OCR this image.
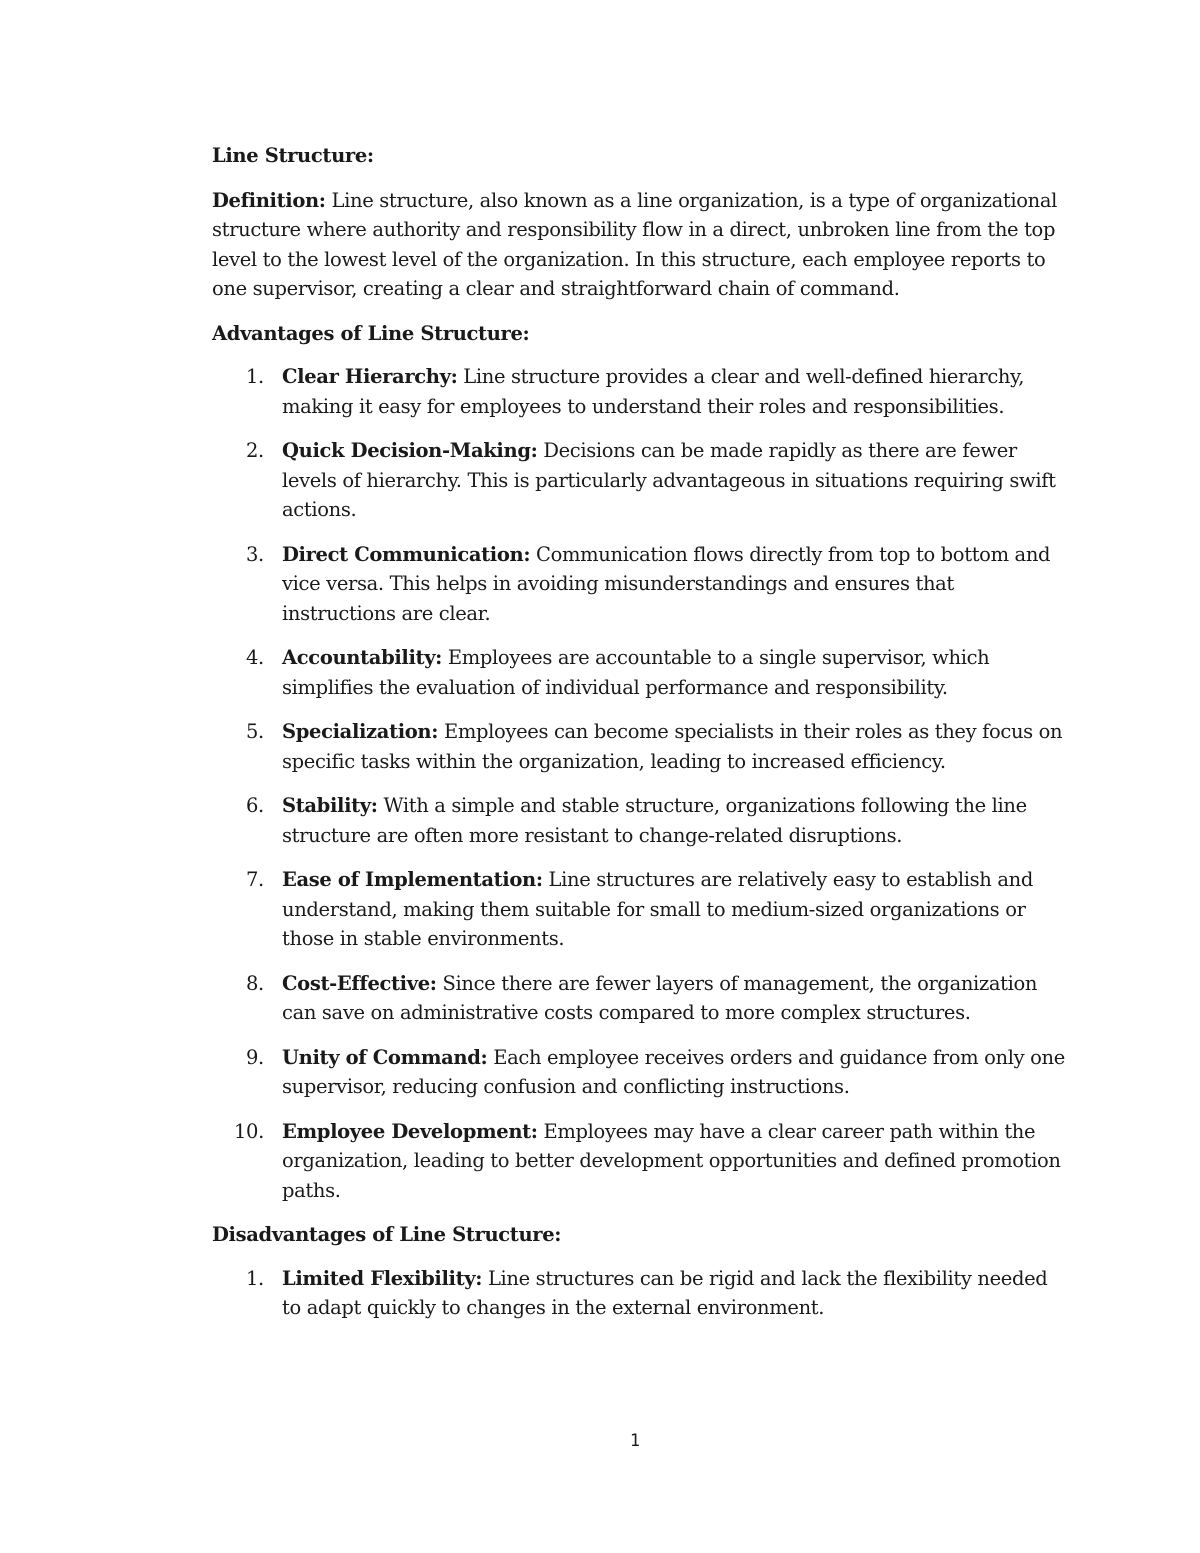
Line Structure:

Definition: Line structure, also known as a line organization, is a type of organizational structure where authority and responsibility flow in a direct, unbroken line from the top level to the lowest level of the organization. In this structure, each employee reports to one supervisor, creating a clear and straightforward chain of command.

Advantages of Line Structure:

1. Clear Hierarchy: Line structure provides a clear and well-defined hierarchy, making it easy for employees to understand their roles and responsibilities.
2. Quick Decision-Making: Decisions can be made rapidly as there are fewer levels of hierarchy. This is particularly advantageous in situations requiring swift actions.
3. Direct Communication: Communication flows directly from top to bottom and vice versa. This helps in avoiding misunderstandings and ensures that instructions are clear.
4. Accountability: Employees are accountable to a single supervisor, which simplifies the evaluation of individual performance and responsibility.
5. Specialization: Employees can become specialists in their roles as they focus on specific tasks within the organization, leading to increased efficiency.
6. Stability: With a simple and stable structure, organizations following the line structure are often more resistant to change-related disruptions.
7. Ease of Implementation: Line structures are relatively easy to establish and understand, making them suitable for small to medium-sized organizations or those in stable environments.
8. Cost-Effective: Since there are fewer layers of management, the organization can save on administrative costs compared to more complex structures.
9. Unity of Command: Each employee receives orders and guidance from only one supervisor, reducing confusion and conflicting instructions.
10. Employee Development: Employees may have a clear career path within the organization, leading to better development opportunities and defined promotion paths.

Disadvantages of Line Structure:

1. Limited Flexibility: Line structures can be rigid and lack the flexibility needed to adapt quickly to changes in the external environment.
1
